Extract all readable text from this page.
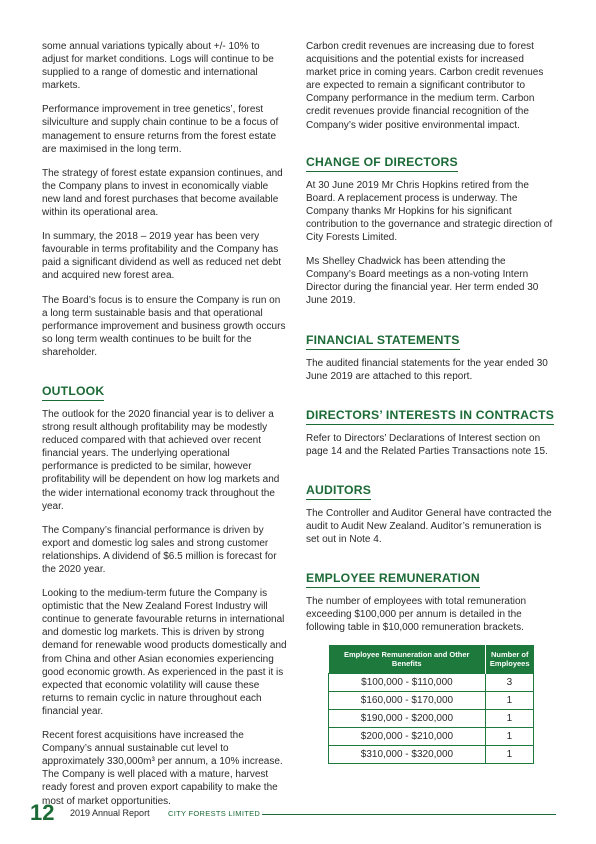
some annual variations typically about +/- 10% to adjust for market conditions. Logs will continue to be supplied to a range of domestic and international markets.

Performance improvement in tree genetics’, forest silviculture and supply chain continue to be a focus of management to ensure returns from the forest estate are maximised in the long term.

The strategy of forest estate expansion continues, and the Company plans to invest in economically viable new land and forest purchases that become available within its operational area.

In summary, the 2018 – 2019 year has been very favourable in terms profitability and the Company has paid a significant dividend as well as reduced net debt and acquired new forest area.

The Board’s focus is to ensure the Company is run on a long term sustainable basis and that operational performance improvement and business growth occurs so long term wealth continues to be built for the shareholder.

OUTLOOK

The outlook for the 2020 financial year is to deliver a strong result although profitability may be modestly reduced compared with that achieved over recent financial years. The underlying operational performance is predicted to be similar, however profitability will be dependent on how log markets and the wider international economy track throughout the year.

The Company’s financial performance is driven by export and domestic log sales and strong customer relationships. A dividend of $6.5 million is forecast for the 2020 year.

Looking to the medium-term future the Company is optimistic that the New Zealand Forest Industry will continue to generate favourable returns in international and domestic log markets. This is driven by strong demand for renewable wood products domestically and from China and other Asian economies experiencing good economic growth. As experienced in the past it is expected that economic volatility will cause these returns to remain cyclic in nature throughout each financial year.

Recent forest acquisitions have increased the Company’s annual sustainable cut level to approximately 330,000m³ per annum, a 10% increase. The Company is well placed with a mature, harvest ready forest and proven export capability to make the most of market opportunities.

Carbon credit revenues are increasing due to forest acquisitions and the potential exists for increased market price in coming years. Carbon credit revenues are expected to remain a significant contributor to Company performance in the medium term. Carbon credit revenues provide financial recognition of the Company’s wider positive environmental impact.

CHANGE OF DIRECTORS

At 30 June 2019 Mr Chris Hopkins retired from the Board. A replacement process is underway. The Company thanks Mr Hopkins for his significant contribution to the governance and strategic direction of City Forests Limited.

Ms Shelley Chadwick has been attending the Company’s Board meetings as a non-voting Intern Director during the financial year. Her term ended 30 June 2019.

FINANCIAL STATEMENTS

The audited financial statements for the year ended 30 June 2019 are attached to this report.

DIRECTORS’ INTERESTS IN CONTRACTS

Refer to Directors’ Declarations of Interest section on page 14 and the Related Parties Transactions note 15.

AUDITORS

The Controller and Auditor General have contracted the audit to Audit New Zealand. Auditor’s remuneration is set out in Note 4.

EMPLOYEE REMUNERATION

The number of employees with total remuneration exceeding $100,000 per annum is detailed in the following table in $10,000 remuneration brackets.

Employee Remuneration and Other Benefits	Number of Employees
$100,000 - $110,000	3
$160,000 - $170,000	1
$190,000 - $200,000	1
$200,000 - $210,000	1
$310,000 - $320,000	1
12 2019 Annual Report CITY FORESTS LIMITED
